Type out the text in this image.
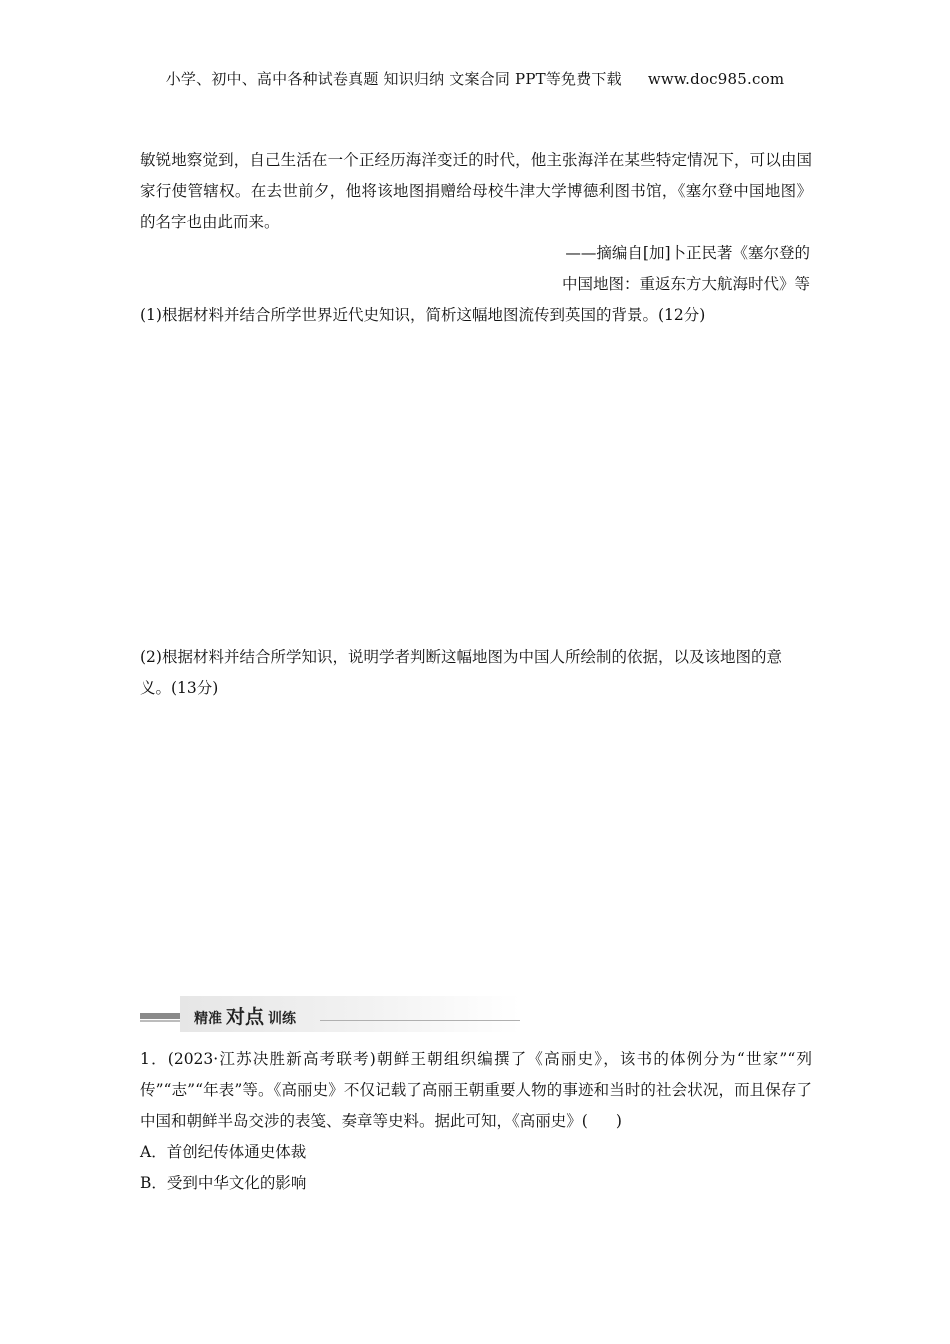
小学、初中、高中各种试卷真题 知识归纳 文案合同 PPT等免费下载 www.doc985.com
敏锐地察觉到，自己生活在一个正经历海洋变迁的时代，他主张海洋在某些特定情况下，可以由国家行使管辖权。在去世前夕，他将该地图捐赠给母校牛津大学博德利图书馆，《塞尔登中国地图》的名字也由此而来。
——摘编自[加]卜正民著《塞尔登的
中国地图：重返东方大航海时代》等
(1)根据材料并结合所学世界近代史知识，简析这幅地图流传到英国的背景。(12分)
(2)根据材料并结合所学知识，说明学者判断这幅地图为中国人所绘制的依据，以及该地图的意义。(13分)
精准 对点 训练
1．(2023·江苏决胜新高考联考)朝鲜王朝组织编撰了《高丽史》，该书的体例分为“世家”“列传”“志”“年表”等。《高丽史》不仅记载了高丽王朝重要人物的事迹和当时的社会状况，而且保存了中国和朝鲜半岛交涉的表笺、奏章等史料。据此可知，《高丽史》( )
A．首创纪传体通史体裁
B．受到中华文化的影响
